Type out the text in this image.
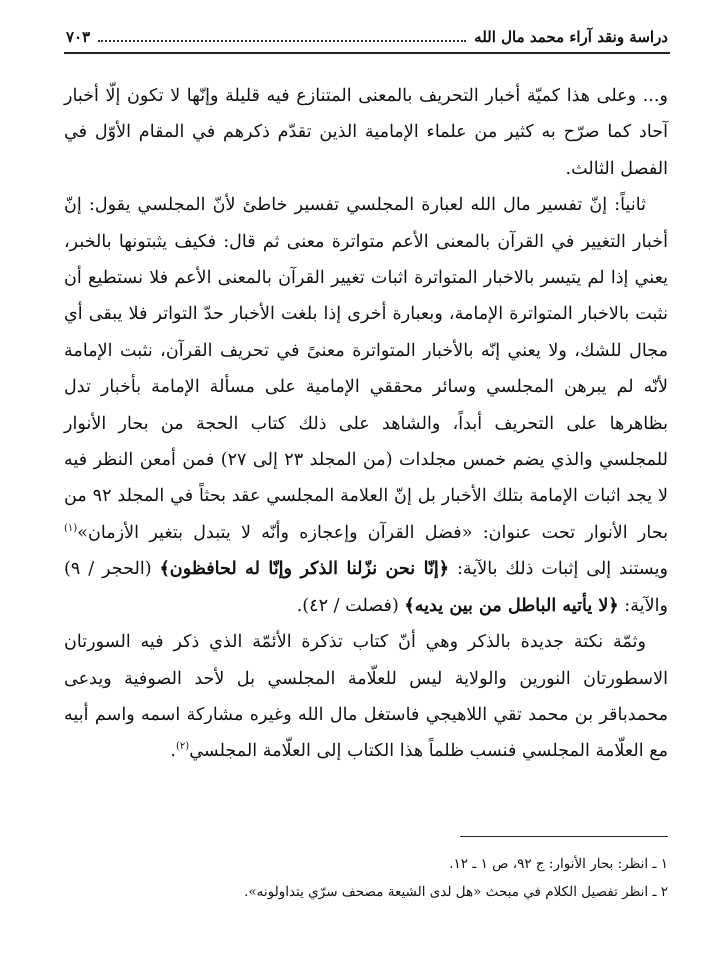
دراسة ونقد آراء محمد مال الله
٧٠٣

و... وعلى هذا كميّة أخبار التحريف بالمعنى المتنازع فيه قليلة وإنّها لا تكون إلّا أخبار آحاد كما صرّح به كثير من علماء الإمامية الذين تقدّم ذكرهم في المقام الأوّل في الفصل الثالث.

ثانياً: إنّ تفسير مال الله لعبارة المجلسي تفسير خاطئ لأنّ المجلسي يقول: إنّ أخبار التغيير في القرآن بالمعنى الأعم متواترة معنى ثم قال: فكيف يثبتونها بالخبر، يعني إذا لم يتيسر بالاخبار المتواترة اثبات تغيير القرآن بالمعنى الأعم فلا نستطيع أن نثبت بالاخبار المتواترة الإمامة، وبعبارة أخرى إذا بلغت الأخبار حدّ التواتر فلا يبقى أي مجال للشك، ولا يعني إنّه بالأخبار المتواترة معنىً في تحريف القرآن، نثبت الإمامة لأنّه لم يبرهن المجلسي وسائر محققي الإمامية على مسألة الإمامة بأخبار تدل بظاهرها على التحريف أبداً، والشاهد على ذلك كتاب الحجة من بحار الأنوار للمجلسي والذي يضم خمس مجلدات (من المجلد ٢٣ إلى ٢٧) فمن أمعن النظر فيه لا يجد اثبات الإمامة بتلك الأخبار بل إنّ العلامة المجلسي عقد بحثاً في المجلد ٩٢ من بحار الأنوار تحت عنوان: «فضل القرآن وإعجازه وأنّه لا يتبدل بتغير الأزمان»$^{(١)}$ ويستند إلى إثبات ذلك بالآية: ﴿إنّا نحن نزّلنا الذكر وإنّا له لحافظون﴾ (الحجر / ٩) والآية: ﴿لا يأتيه الباطل من بين يديه﴾ (فصلت / ٤٢).

وثمّة نكتة جديدة بالذكر وهي أنّ كتاب تذكرة الأئمّة الذي ذكر فيه السورتان الاسطورتان النورين والولاية ليس للعلّامة المجلسي بل لأحد الصوفية ويدعى محمدباقر بن محمد تقي اللاهيجي فاستغل مال الله وغيره مشاركة اسمه واسم أبيه مع العلّامة المجلسي فنسب ظلماً هذا الكتاب إلى العلّامة المجلسي$^{(٢)}$.

١ ـ انظر: بحار الأنوار: ج ٩٢، ص ١ ـ ١٢.

٢ ـ انظر تفصيل الكلام في مبحث «هل لدى الشيعة مصحف سرّي يتداولونه».
